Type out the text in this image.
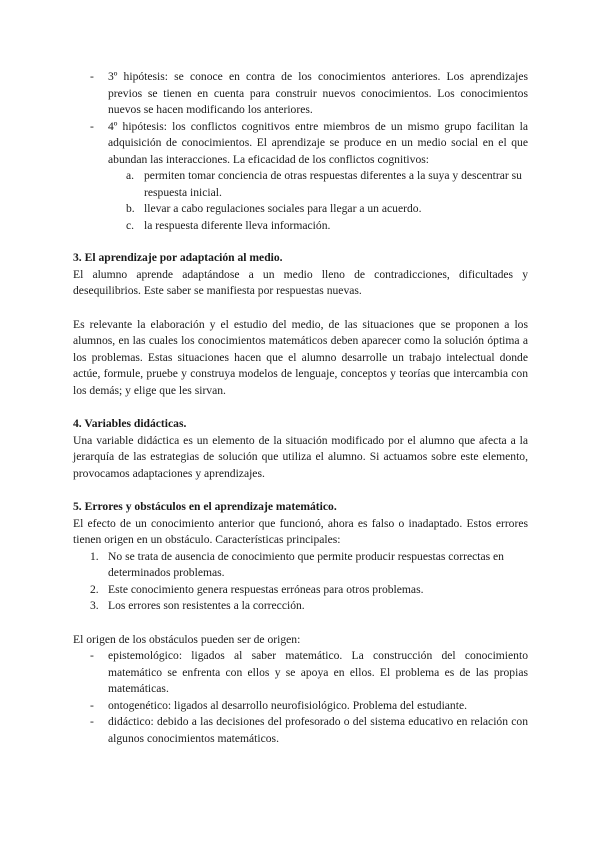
- 3º hipótesis: se conoce en contra de los conocimientos anteriores. Los aprendizajes previos se tienen en cuenta para construir nuevos conocimientos. Los conocimientos nuevos se hacen modificando los anteriores.
- 4º hipótesis: los conflictos cognitivos entre miembros de un mismo grupo facilitan la adquisición de conocimientos. El aprendizaje se produce en un medio social en el que abundan las interacciones. La eficacidad de los conflictos cognitivos:
a. permiten tomar conciencia de otras respuestas diferentes a la suya y descentrar su respuesta inicial.
b. llevar a cabo regulaciones sociales para llegar a un acuerdo.
c. la respuesta diferente lleva información.
3. El aprendizaje por adaptación al medio.

El alumno aprende adaptándose a un medio lleno de contradicciones, dificultades y desequilibrios. Este saber se manifiesta por respuestas nuevas.

Es relevante la elaboración y el estudio del medio, de las situaciones que se proponen a los alumnos, en las cuales los conocimientos matemáticos deben aparecer como la solución óptima a los problemas. Estas situaciones hacen que el alumno desarrolle un trabajo intelectual donde actúe, formule, pruebe y construya modelos de lenguaje, conceptos y teorías que intercambia con los demás; y elige que les sirvan.

4. Variables didácticas.

Una variable didáctica es un elemento de la situación modificado por el alumno que afecta a la jerarquía de las estrategias de solución que utiliza el alumno. Si actuamos sobre este elemento, provocamos adaptaciones y aprendizajes.

5. Errores y obstáculos en el aprendizaje matemático.

El efecto de un conocimiento anterior que funcionó, ahora es falso o inadaptado. Estos errores tienen origen en un obstáculo. Características principales:

1. No se trata de ausencia de conocimiento que permite producir respuestas correctas en determinados problemas.
2. Este conocimiento genera respuestas erróneas para otros problemas.
3. Los errores son resistentes a la corrección.

El origen de los obstáculos pueden ser de origen:

- epistemológico: ligados al saber matemático. La construcción del conocimiento matemático se enfrenta con ellos y se apoya en ellos. El problema es de las propias matemáticas.
- ontogenético: ligados al desarrollo neurofisiológico. Problema del estudiante.
- didáctico: debido a las decisiones del profesorado o del sistema educativo en relación con algunos conocimientos matemáticos.
